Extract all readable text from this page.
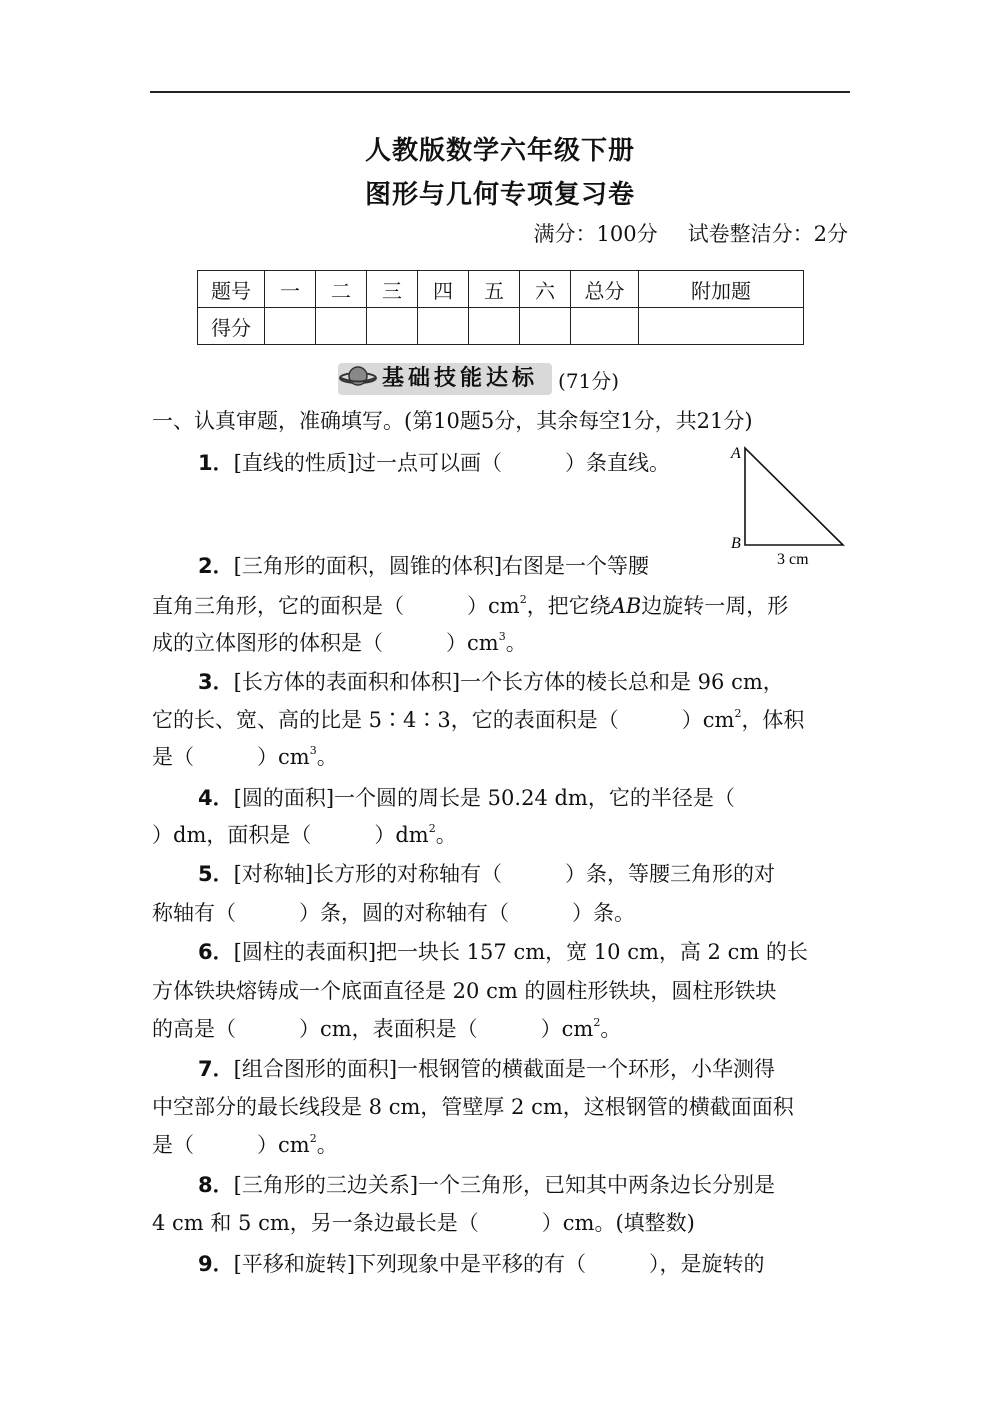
人教版数学六年级下册
图形与几何专项复习卷
满分：100分 试卷整洁分：2分
题号	一	二	三	四	五	六	总分	附加题
得分								
基础技能达标	(71分)
一、认真审题，准确填写。(第10题5分，其余每空1分，共21分)
1．[直线的性质]过一点可以画（　　　）条直线。	A
B
3 cm
2．[三角形的面积，圆锥的体积]右图是一个等腰
直角三角形，它的面积是（　　　）$cm^2$，把它绕AB边旋转一周，形
成的立体图形的体积是（　　　）$cm^3$。
3．[长方体的表面积和体积]一个长方体的棱长总和是 96 cm，
它的长、宽、高的比是 5∶4∶3，它的表面积是（　　　）$cm^2$，体积
是（　　　）$cm^3$。
4．[圆的面积]一个圆的周长是 50.24 dm，它的半径是（
）dm，面积是（　　　）$dm^2$。
5．[对称轴]长方形的对称轴有（　　　）条，等腰三角形的对
称轴有（　　　）条，圆的对称轴有（　　　）条。
6．[圆柱的表面积]把一块长 157 cm，宽 10 cm，高 2 cm 的长
方体铁块熔铸成一个底面直径是 20 cm 的圆柱形铁块，圆柱形铁块
的高是（　　　）cm，表面积是（　　　）$cm^2$。
7．[组合图形的面积]一根钢管的横截面是一个环形，小华测得
中空部分的最长线段是 8 cm，管壁厚 2 cm，这根钢管的横截面面积
是（　　　）$cm^2$。
8．[三角形的三边关系]一个三角形，已知其中两条边长分别是
4 cm 和 5 cm，另一条边最长是（　　　）cm。(填整数)
9．[平移和旋转]下列现象中是平移的有（　　　），是旋转的
